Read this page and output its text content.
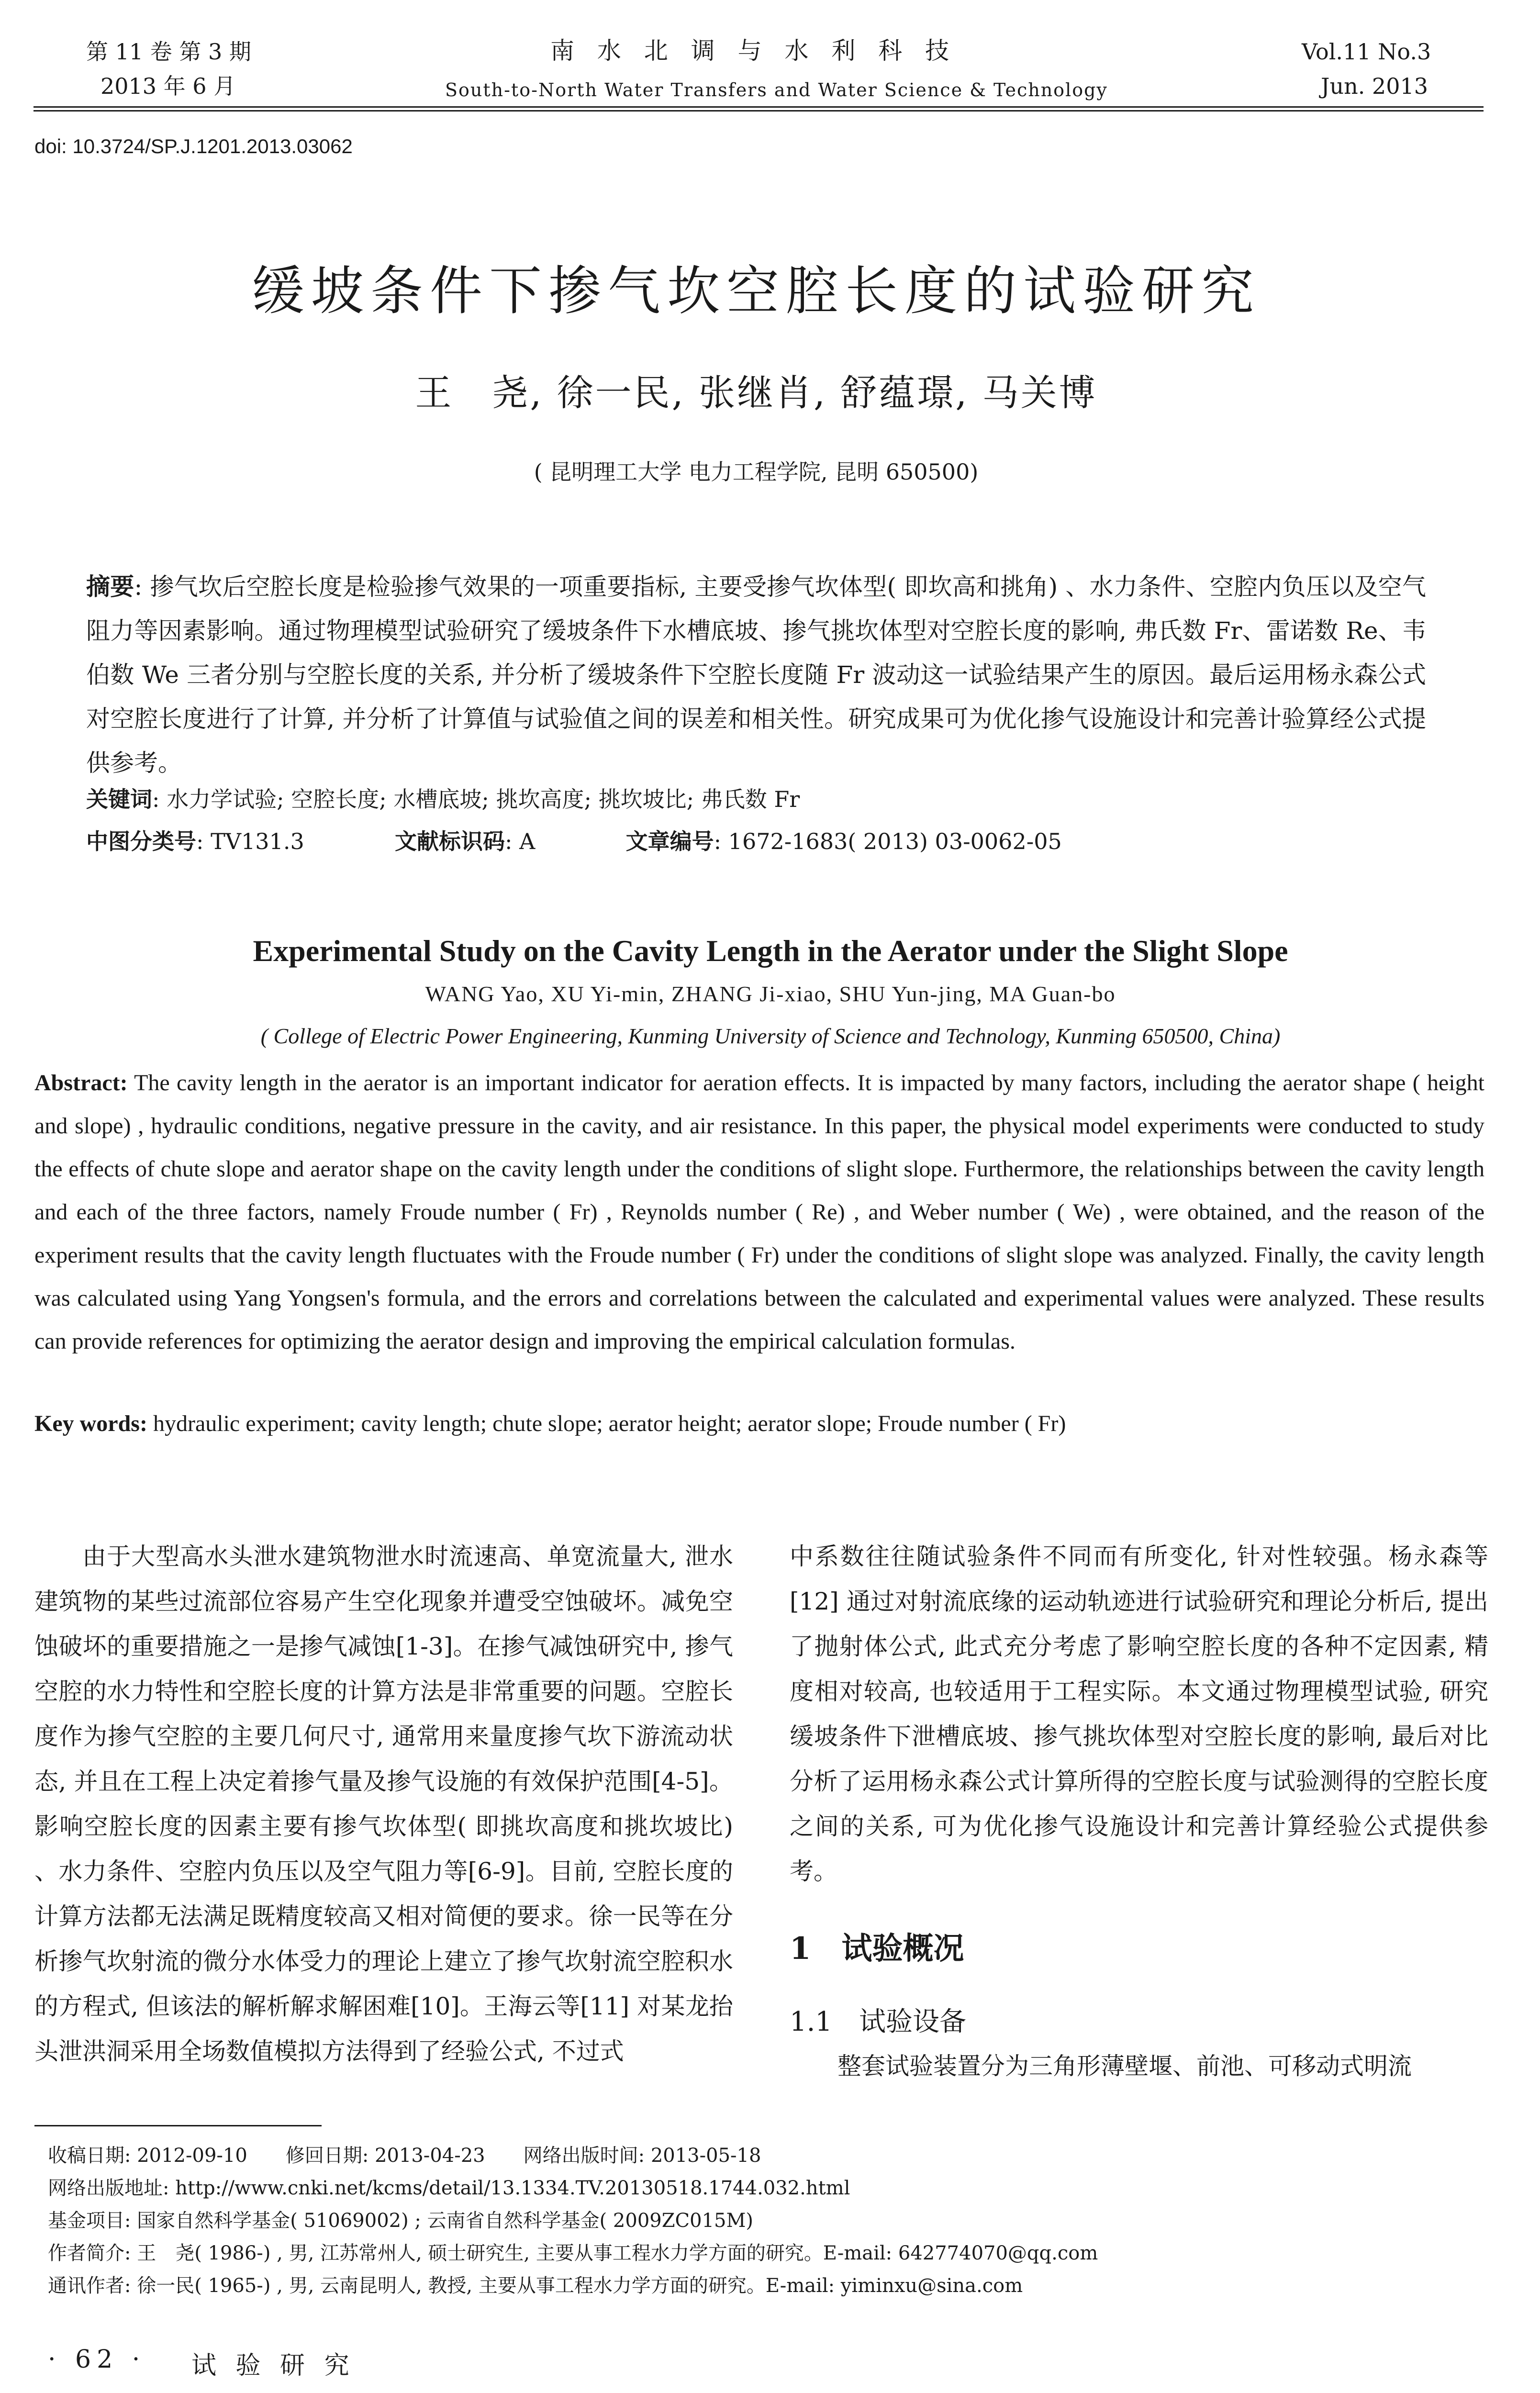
第 11 卷 第 3 期
2013 年 6 月
南 水 北 调 与 水 利 科 技
South-to-North Water Transfers and Water Science & Technology
Vol.11 No.3
Jun. 2013
doi: 10.3724/SP.J.1201.2013.03062
缓坡条件下掺气坎空腔长度的试验研究
王　尧, 徐一民, 张继肖, 舒蕴璟, 马关博
( 昆明理工大学 电力工程学院, 昆明 650500)

摘要: 掺气坎后空腔长度是检验掺气效果的一项重要指标, 主要受掺气坎体型( 即坎高和挑角) 、水力条件、空腔内负压以及空气阻力等因素影响。通过物理模型试验研究了缓坡条件下水槽底坡、掺气挑坎体型对空腔长度的影响, 弗氏数 Fr、雷诺数 Re、韦伯数 We 三者分别与空腔长度的关系, 并分析了缓坡条件下空腔长度随 Fr 波动这一试验结果产生的原因。最后运用杨永森公式对空腔长度进行了计算, 并分析了计算值与试验值之间的误差和相关性。研究成果可为优化掺气设施设计和完善计验算经公式提供参考。

关键词: 水力学试验; 空腔长度; 水槽底坡; 挑坎高度; 挑坎坡比; 弗氏数 Fr
中图分类号: TV131.3	文献标识码: A	文章编号: 1672-1683( 2013) 03-0062-05
Experimental Study on the Cavity Length in the Aerator under the Slight Slope
WANG Yao, XU Yi-min, ZHANG Ji-xiao, SHU Yun-jing, MA Guan-bo
( College of Electric Power Engineering, Kunming University of Science and Technology, Kunming 650500, China)
Abstract: The cavity length in the aerator is an important indicator for aeration effects. It is impacted by many factors, including the aerator shape ( height and slope) , hydraulic conditions, negative pressure in the cavity, and air resistance. In this paper, the physical model experiments were conducted to study the effects of chute slope and aerator shape on the cavity length under the conditions of slight slope. Furthermore, the relationships between the cavity length and each of the three factors, namely Froude number ( Fr) , Reynolds number ( Re) , and Weber number ( We) , were obtained, and the reason of the experiment results that the cavity length fluctuates with the Froude number ( Fr) under the conditions of slight slope was analyzed. Finally, the cavity length was calculated using Yang Yongsen's formula, and the errors and correlations between the calculated and experimental values were analyzed. These results can provide references for optimizing the aerator design and improving the empirical calculation formulas.
Key words: hydraulic experiment; cavity length; chute slope; aerator height; aerator slope; Froude number ( Fr)

由于大型高水头泄水建筑物泄水时流速高、单宽流量大, 泄水建筑物的某些过流部位容易产生空化现象并遭受空蚀破坏。减免空蚀破坏的重要措施之一是掺气减蚀[1-3]。在掺气减蚀研究中, 掺气空腔的水力特性和空腔长度的计算方法是非常重要的问题。空腔长度作为掺气空腔的主要几何尺寸, 通常用来量度掺气坎下游流动状态, 并且在工程上决定着掺气量及掺气设施的有效保护范围[4-5]。影响空腔长度的因素主要有掺气坎体型( 即挑坎高度和挑坎坡比) 、水力条件、空腔内负压以及空气阻力等[6-9]。目前, 空腔长度的计算方法都无法满足既精度较高又相对简便的要求。徐一民等在分析掺气坎射流的微分水体受力的理论上建立了掺气坎射流空腔积水的方程式, 但该法的解析解求解困难[10]。王海云等[11] 对某龙抬头泄洪洞采用全场数值模拟方法得到了经验公式, 不过式

中系数往往随试验条件不同而有所变化, 针对性较强。杨永森等[12] 通过对射流底缘的运动轨迹进行试验研究和理论分析后, 提出了抛射体公式, 此式充分考虑了影响空腔长度的各种不定因素, 精度相对较高, 也较适用于工程实际。本文通过物理模型试验, 研究缓坡条件下泄槽底坡、掺气挑坎体型对空腔长度的影响, 最后对比分析了运用杨永森公式计算所得的空腔长度与试验测得的空腔长度之间的关系, 可为优化掺气设施设计和完善计算经验公式提供参考。

1　试验概况
1.1　试验设备
整套试验装置分为三角形薄壁堰、前池、可移动式明流
收稿日期: 2012-09-10　　修回日期: 2013-04-23　　网络出版时间: 2013-05-18
网络出版地址: http://www.cnki.net/kcms/detail/13.1334.TV.20130518.1744.032.html
基金项目: 国家自然科学基金( 51069002) ; 云南省自然科学基金( 2009ZC015M)
作者简介: 王　尧( 1986-) , 男, 江苏常州人, 硕士研究生, 主要从事工程水力学方面的研究。E-mail: 642774070@qq.com
通讯作者: 徐一民( 1965-) , 男, 云南昆明人, 教授, 主要从事工程水力学方面的研究。E-mail: yiminxu@sina.com
· 62 · 试 验 研 究
